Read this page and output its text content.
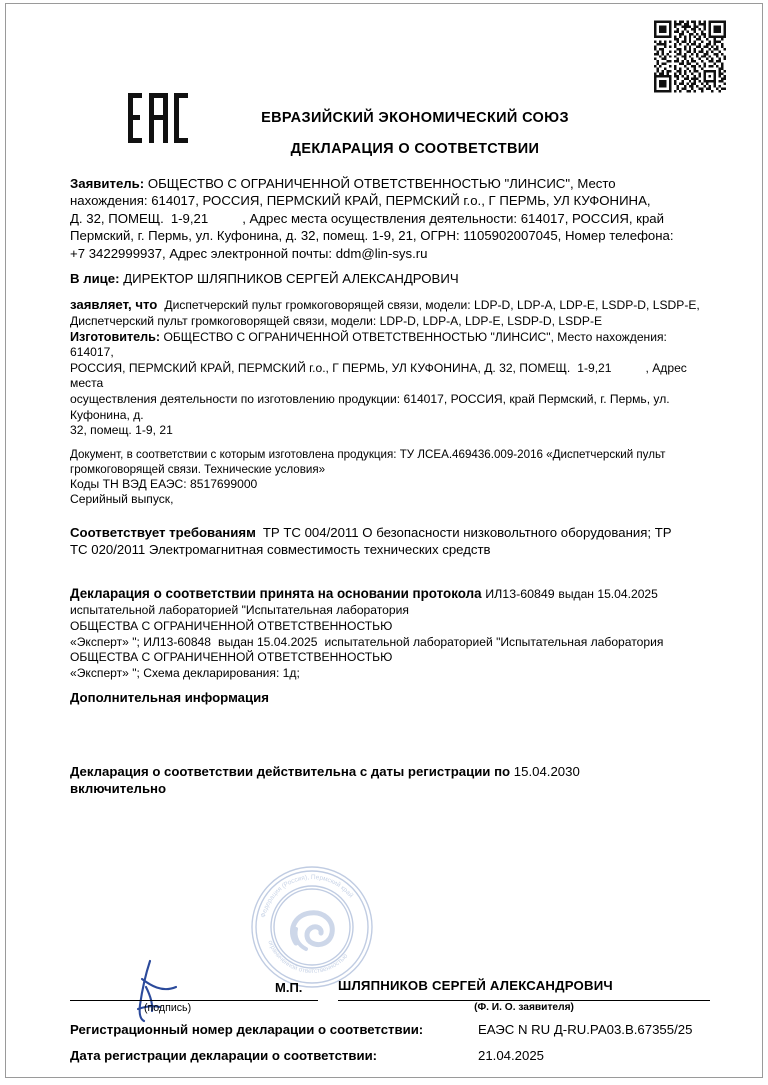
ЕВРАЗИЙСКИЙ ЭКОНОМИЧЕСКИЙ СОЮЗ
ДЕКЛАРАЦИЯ О СООТВЕТСТВИИ
Заявитель: ОБЩЕСТВО С ОГРАНИЧЕННОЙ ОТВЕТСТВЕННОСТЬЮ "ЛИНСИС", Место
нахождения: 614017, РОССИЯ, ПЕРМСКИЙ КРАЙ, ПЕРМСКИЙ г.о., Г ПЕРМЬ, УЛ КУФОНИНА,
Д. 32, ПОМЕЩ. 1-9,21	, Адрес места осуществления деятельности: 614017, РОССИЯ, край
Пермский, г. Пермь, ул. Куфонина, д. 32, помещ. 1-9, 21, ОГРН: 1105902007045, Номер телефона:
+7 3422999937, Адрес электронной почты: ddm@lin-sys.ru
В лице: ДИРЕКТОР ШЛЯПНИКОВ СЕРГЕЙ АЛЕКСАНДРОВИЧ
заявляет, что Диспетчерский пульт громкоговорящей связи, модели: LDP-D, LDP-A, LDP-E, LSDP-D, LSDP-E,
Диспетчерский пульт громкоговорящей связи, модели: LDP-D, LDP-A, LDP-E, LSDP-D, LSDP-E
Изготовитель: ОБЩЕСТВО С ОГРАНИЧЕННОЙ ОТВЕТСТВЕННОСТЬЮ "ЛИНСИС", Место нахождения: 614017,
РОССИЯ, ПЕРМСКИЙ КРАЙ, ПЕРМСКИЙ г.о., Г ПЕРМЬ, УЛ КУФОНИНА, Д. 32, ПОМЕЩ. 1-9,21	, Адрес места
осуществления деятельности по изготовлению продукции: 614017, РОССИЯ, край Пермский, г. Пермь, ул. Куфонина, д.
32, помещ. 1-9, 21
Документ, в соответствии с которым изготовлена продукция: ТУ ЛСЕА.469436.009-2016 «Диспетчерский пульт
громкоговорящей связи. Технические условия»
Коды ТН ВЭД ЕАЭС: 8517699000
Серийный выпуск,
Соответствует требованиям ТР ТС 004/2011 О безопасности низковольтного оборудования; ТР
ТС 020/2011 Электромагнитная совместимость технических средств
Декларация о соответствии принята на основании протокола ИЛ13-60849 выдан 15.04.2025
испытательной лабораторией "Испытательная лаборатория
ОБЩЕСТВА С ОГРАНИЧЕННОЙ ОТВЕТСТВЕННОСТЬЮ
«Эксперт» "; ИЛ13-60848 выдан 15.04.2025 испытательной лабораторией "Испытательная лаборатория
ОБЩЕСТВА С ОГРАНИЧЕННОЙ ОТВЕТСТВЕННОСТЬЮ
«Эксперт» "; Схема декларирования: 1д;
Дополнительная информация
Декларация о соответствии действительна с даты регистрации по 15.04.2030
включительно
Федерация (Россия), Пермский край
ограниченной ответственностью
М.П.	ШЛЯПНИКОВ СЕРГЕЙ АЛЕКСАНДРОВИЧ
(подпись)	(Ф. И. О. заявителя)
Регистрационный номер декларации о соответствии:	ЕАЭС N RU Д-RU.РА03.В.67355/25
Дата регистрации декларации о соответствии:	21.04.2025
